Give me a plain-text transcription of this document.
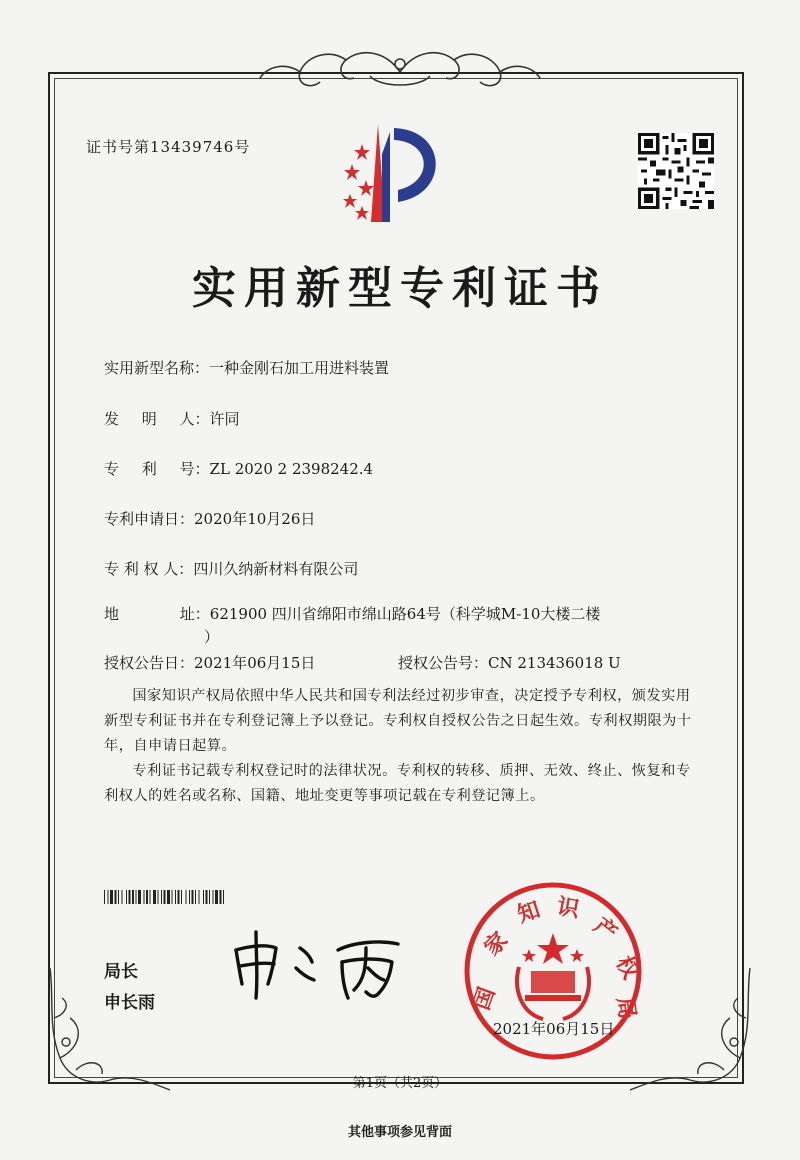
证书号第13439746号
实用新型专利证书
实用新型名称：一种金刚石加工用进料装置
发 明 人：许同
专 利 号：ZL 2020 2 2398242.4
专利申请日：2020年10月26日
专 利 权 人：四川久纳新材料有限公司
地 址：621900 四川省绵阳市绵山路64号（科学城M-10大楼二楼
）
授权公告日：2021年06月15日	授权公告号：CN 213436018 U
国家知识产权局依照中华人民共和国专利法经过初步审查，决定授予专利权，颁发实用新型专利证书并在专利登记簿上予以登记。专利权自授权公告之日起生效。专利权期限为十年，自申请日起算。
专利证书记载专利权登记时的法律状况。专利权的转移、质押、无效、终止、恢复和专利权人的姓名或名称、国籍、地址变更等事项记载在专利登记簿上。
局长
申长雨	国
家
知 识
产
权
局
2021年06月15日
第1页（共2页）
其他事项参见背面
